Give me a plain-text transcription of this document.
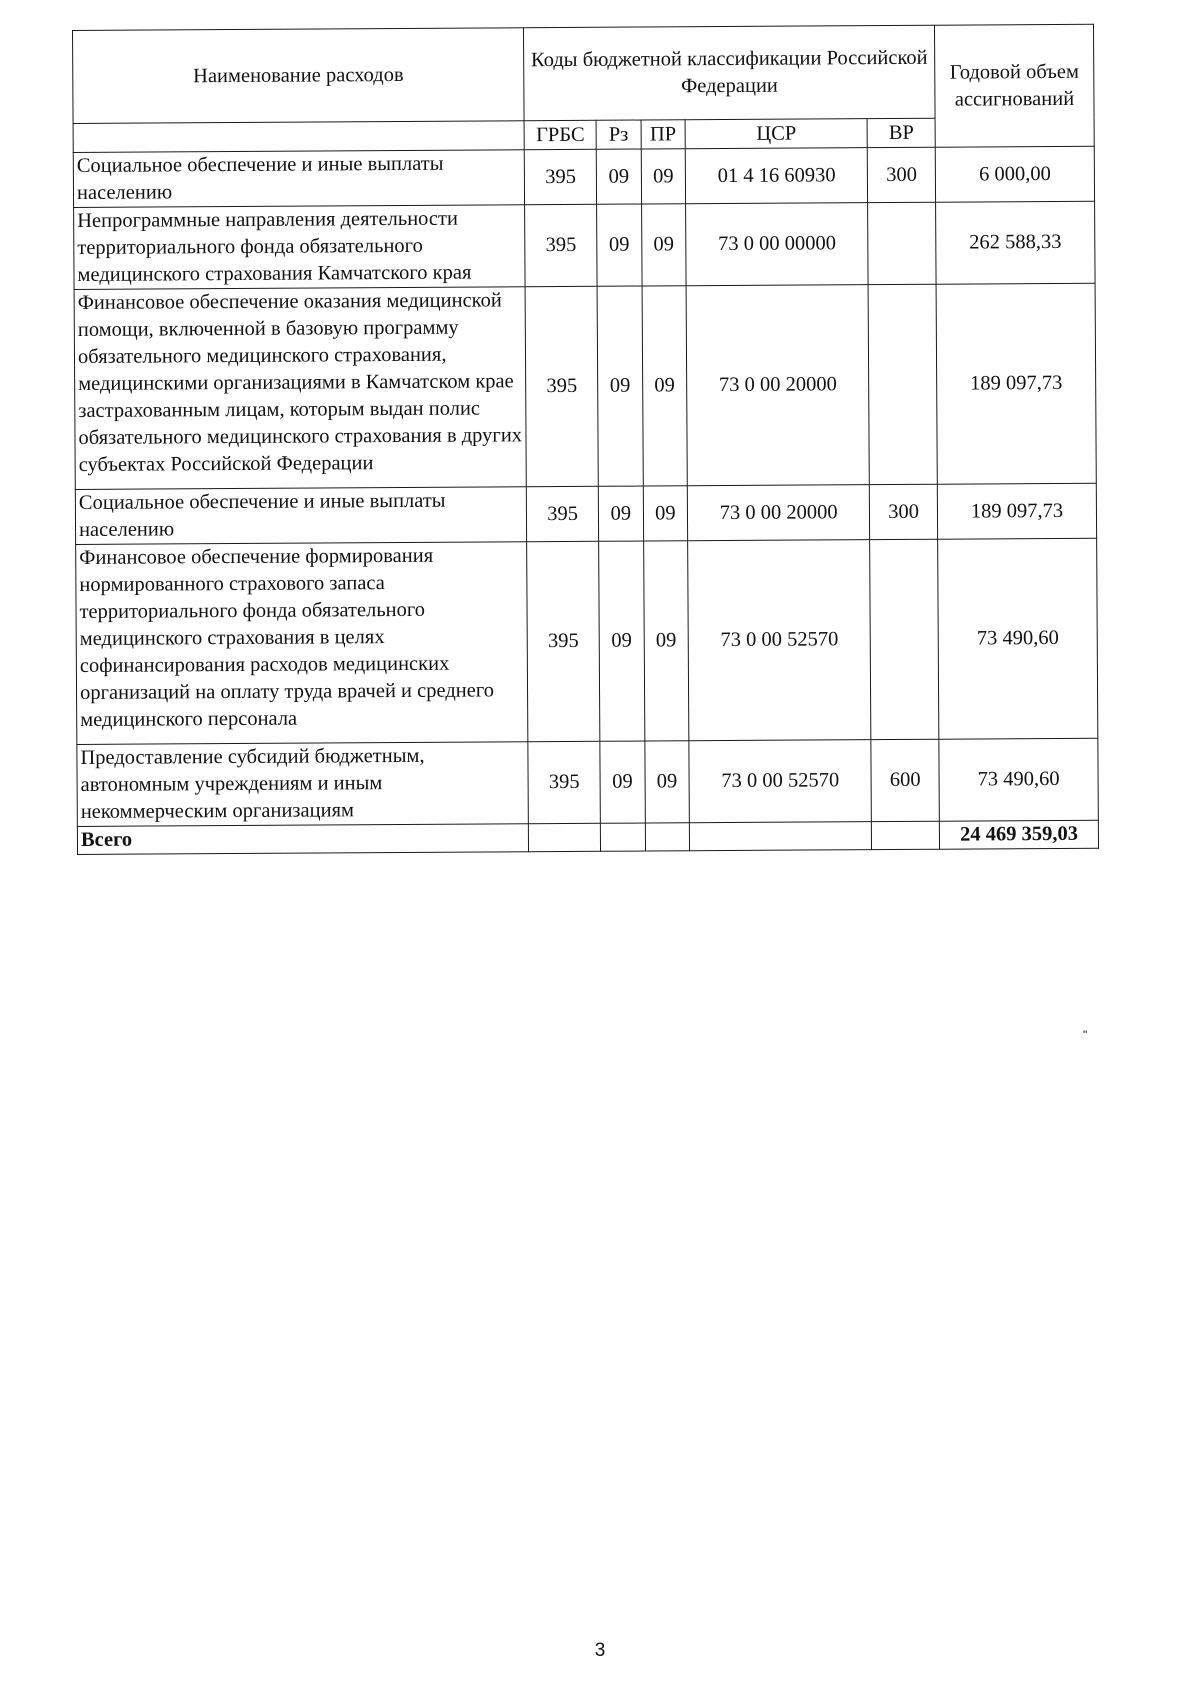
Наименование расходов	Коды бюджетной классификации Российской Федерации					Годовой объем ассигнований
	ГРБС	Рз	ПР	ЦСР	ВР	
Социальное обеспечение и иные выплаты населению	395	09	09	01 4 16 60930	300	6 000,00
Непрограммные направления деятельности территориального фонда обязательного медицинского страхования Камчатского края	395	09	09	73 0 00 00000		262 588,33
Финансовое обеспечение оказания медицинской помощи, включенной в базовую программу обязательного медицинского страхования, медицинскими организациями в Камчатском крае застрахованным лицам, которым выдан полис обязательного медицинского страхования в других субъектах Российской Федерации	395	09	09	73 0 00 20000		189 097,73
Социальное обеспечение и иные выплаты населению	395	09	09	73 0 00 20000	300	189 097,73
Финансовое обеспечение формирования нормированного страхового запаса территориального фонда обязательного медицинского страхования в целях софинансирования расходов медицинских организаций на оплату труда врачей и среднего медицинского персонала	395	09	09	73 0 00 52570		73 490,60
Предоставление субсидий бюджетным, автономным учреждениям и иным некоммерческим организациям	395	09	09	73 0 00 52570	600	73 490,60
Всего						24 469 359,03
"
3
